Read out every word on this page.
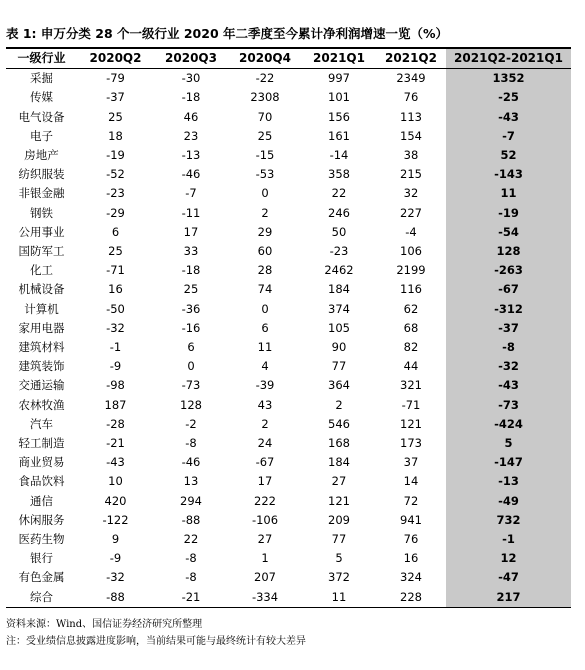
表 1: 申万分类 28 个一级行业 2020 年二季度至今累计净利润增速一览（%）
一级行业	2020Q2	2020Q3	2020Q4	2021Q1	2021Q2	2021Q2-2021Q1
采掘	-79	-30	-22	997	2349	1352
传媒	-37	-18	2308	101	76	-25
电气设备	25	46	70	156	113	-43
电子	18	23	25	161	154	-7
房地产	-19	-13	-15	-14	38	52
纺织服装	-52	-46	-53	358	215	-143
非银金融	-23	-7	0	22	32	11
钢铁	-29	-11	2	246	227	-19
公用事业	6	17	29	50	-4	-54
国防军工	25	33	60	-23	106	128
化工	-71	-18	28	2462	2199	-263
机械设备	16	25	74	184	116	-67
计算机	-50	-36	0	374	62	-312
家用电器	-32	-16	6	105	68	-37
建筑材料	-1	6	11	90	82	-8
建筑装饰	-9	0	4	77	44	-32
交通运输	-98	-73	-39	364	321	-43
农林牧渔	187	128	43	2	-71	-73
汽车	-28	-2	2	546	121	-424
轻工制造	-21	-8	24	168	173	5
商业贸易	-43	-46	-67	184	37	-147
食品饮料	10	13	17	27	14	-13
通信	420	294	222	121	72	-49
休闲服务	-122	-88	-106	209	941	732
医药生物	9	22	27	77	76	-1
银行	-9	-8	1	5	16	12
有色金属	-32	-8	207	372	324	-47
综合	-88	-21	-334	11	228	217
资料来源：Wind、国信证券经济研究所整理
注：受业绩信息披露进度影响，当前结果可能与最终统计有较大差异
